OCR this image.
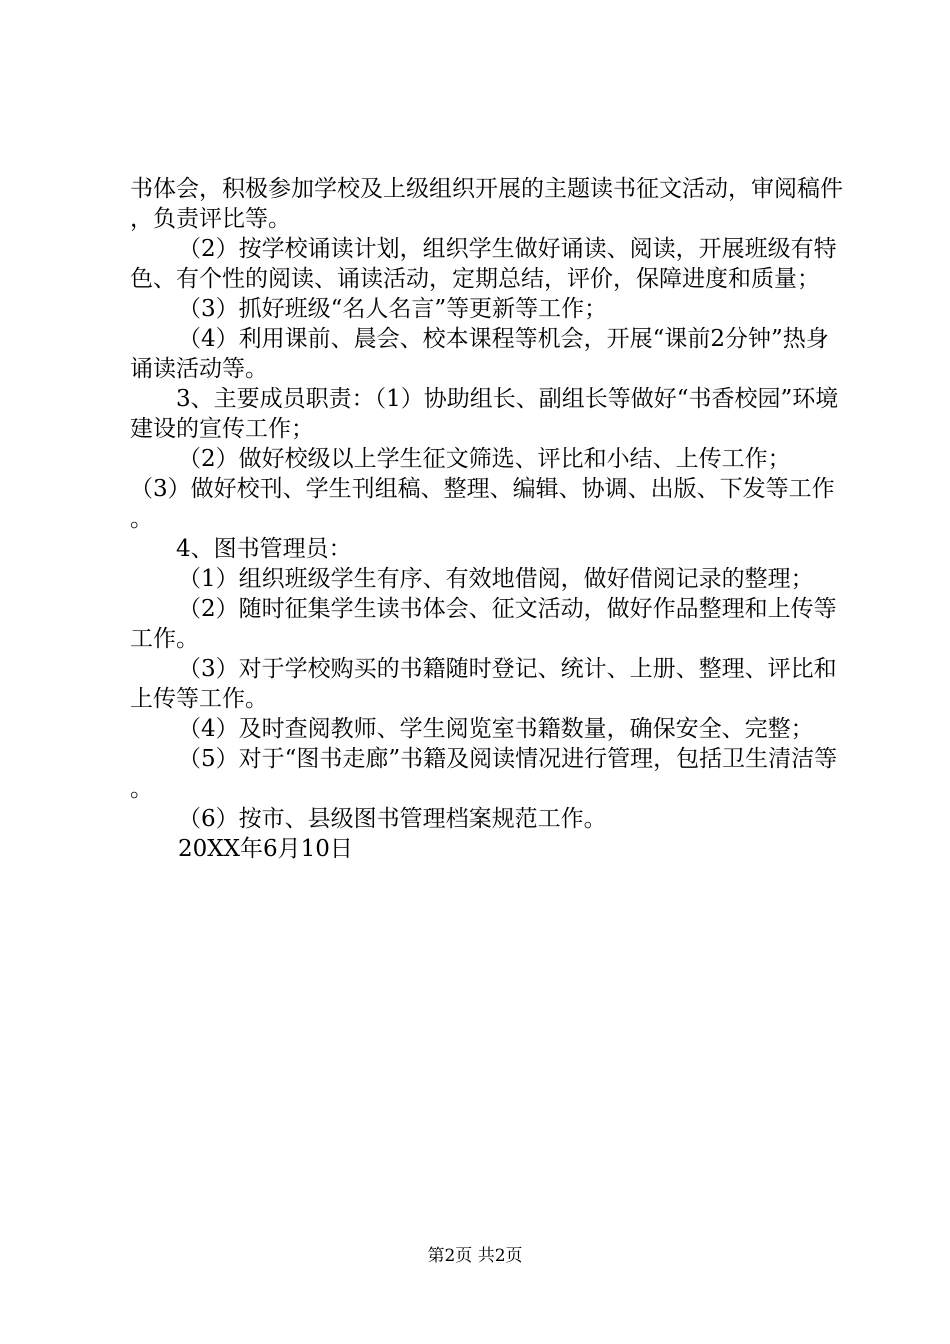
书体会，积极参加学校及上级组织开展的主题读书征文活动，审阅稿件，负责评比等。

（2）按学校诵读计划，组织学生做好诵读、阅读，开展班级有特色、有个性的阅读、诵读活动，定期总结，评价，保障进度和质量；

（3）抓好班级“名人名言”等更新等工作；

（4）利用课前、晨会、校本课程等机会，开展“课前2分钟”热身诵读活动等。

3、主要成员职责：（1）协助组长、副组长等做好“书香校园”环境建设的宣传工作；

（2）做好校级以上学生征文筛选、评比和小结、上传工作；

（3）做好校刊、学生刊组稿、整理、编辑、协调、出版、下发等工作。

4、图书管理员：

（1）组织班级学生有序、有效地借阅，做好借阅记录的整理；

（2）随时征集学生读书体会、征文活动，做好作品整理和上传等工作。

（3）对于学校购买的书籍随时登记、统计、上册、整理、评比和上传等工作。

（4）及时查阅教师、学生阅览室书籍数量，确保安全、完整；

（5）对于“图书走廊”书籍及阅读情况进行管理，包括卫生清洁等。

（6）按市、县级图书管理档案规范工作。

20XX年6月10日

第2页 共2页
